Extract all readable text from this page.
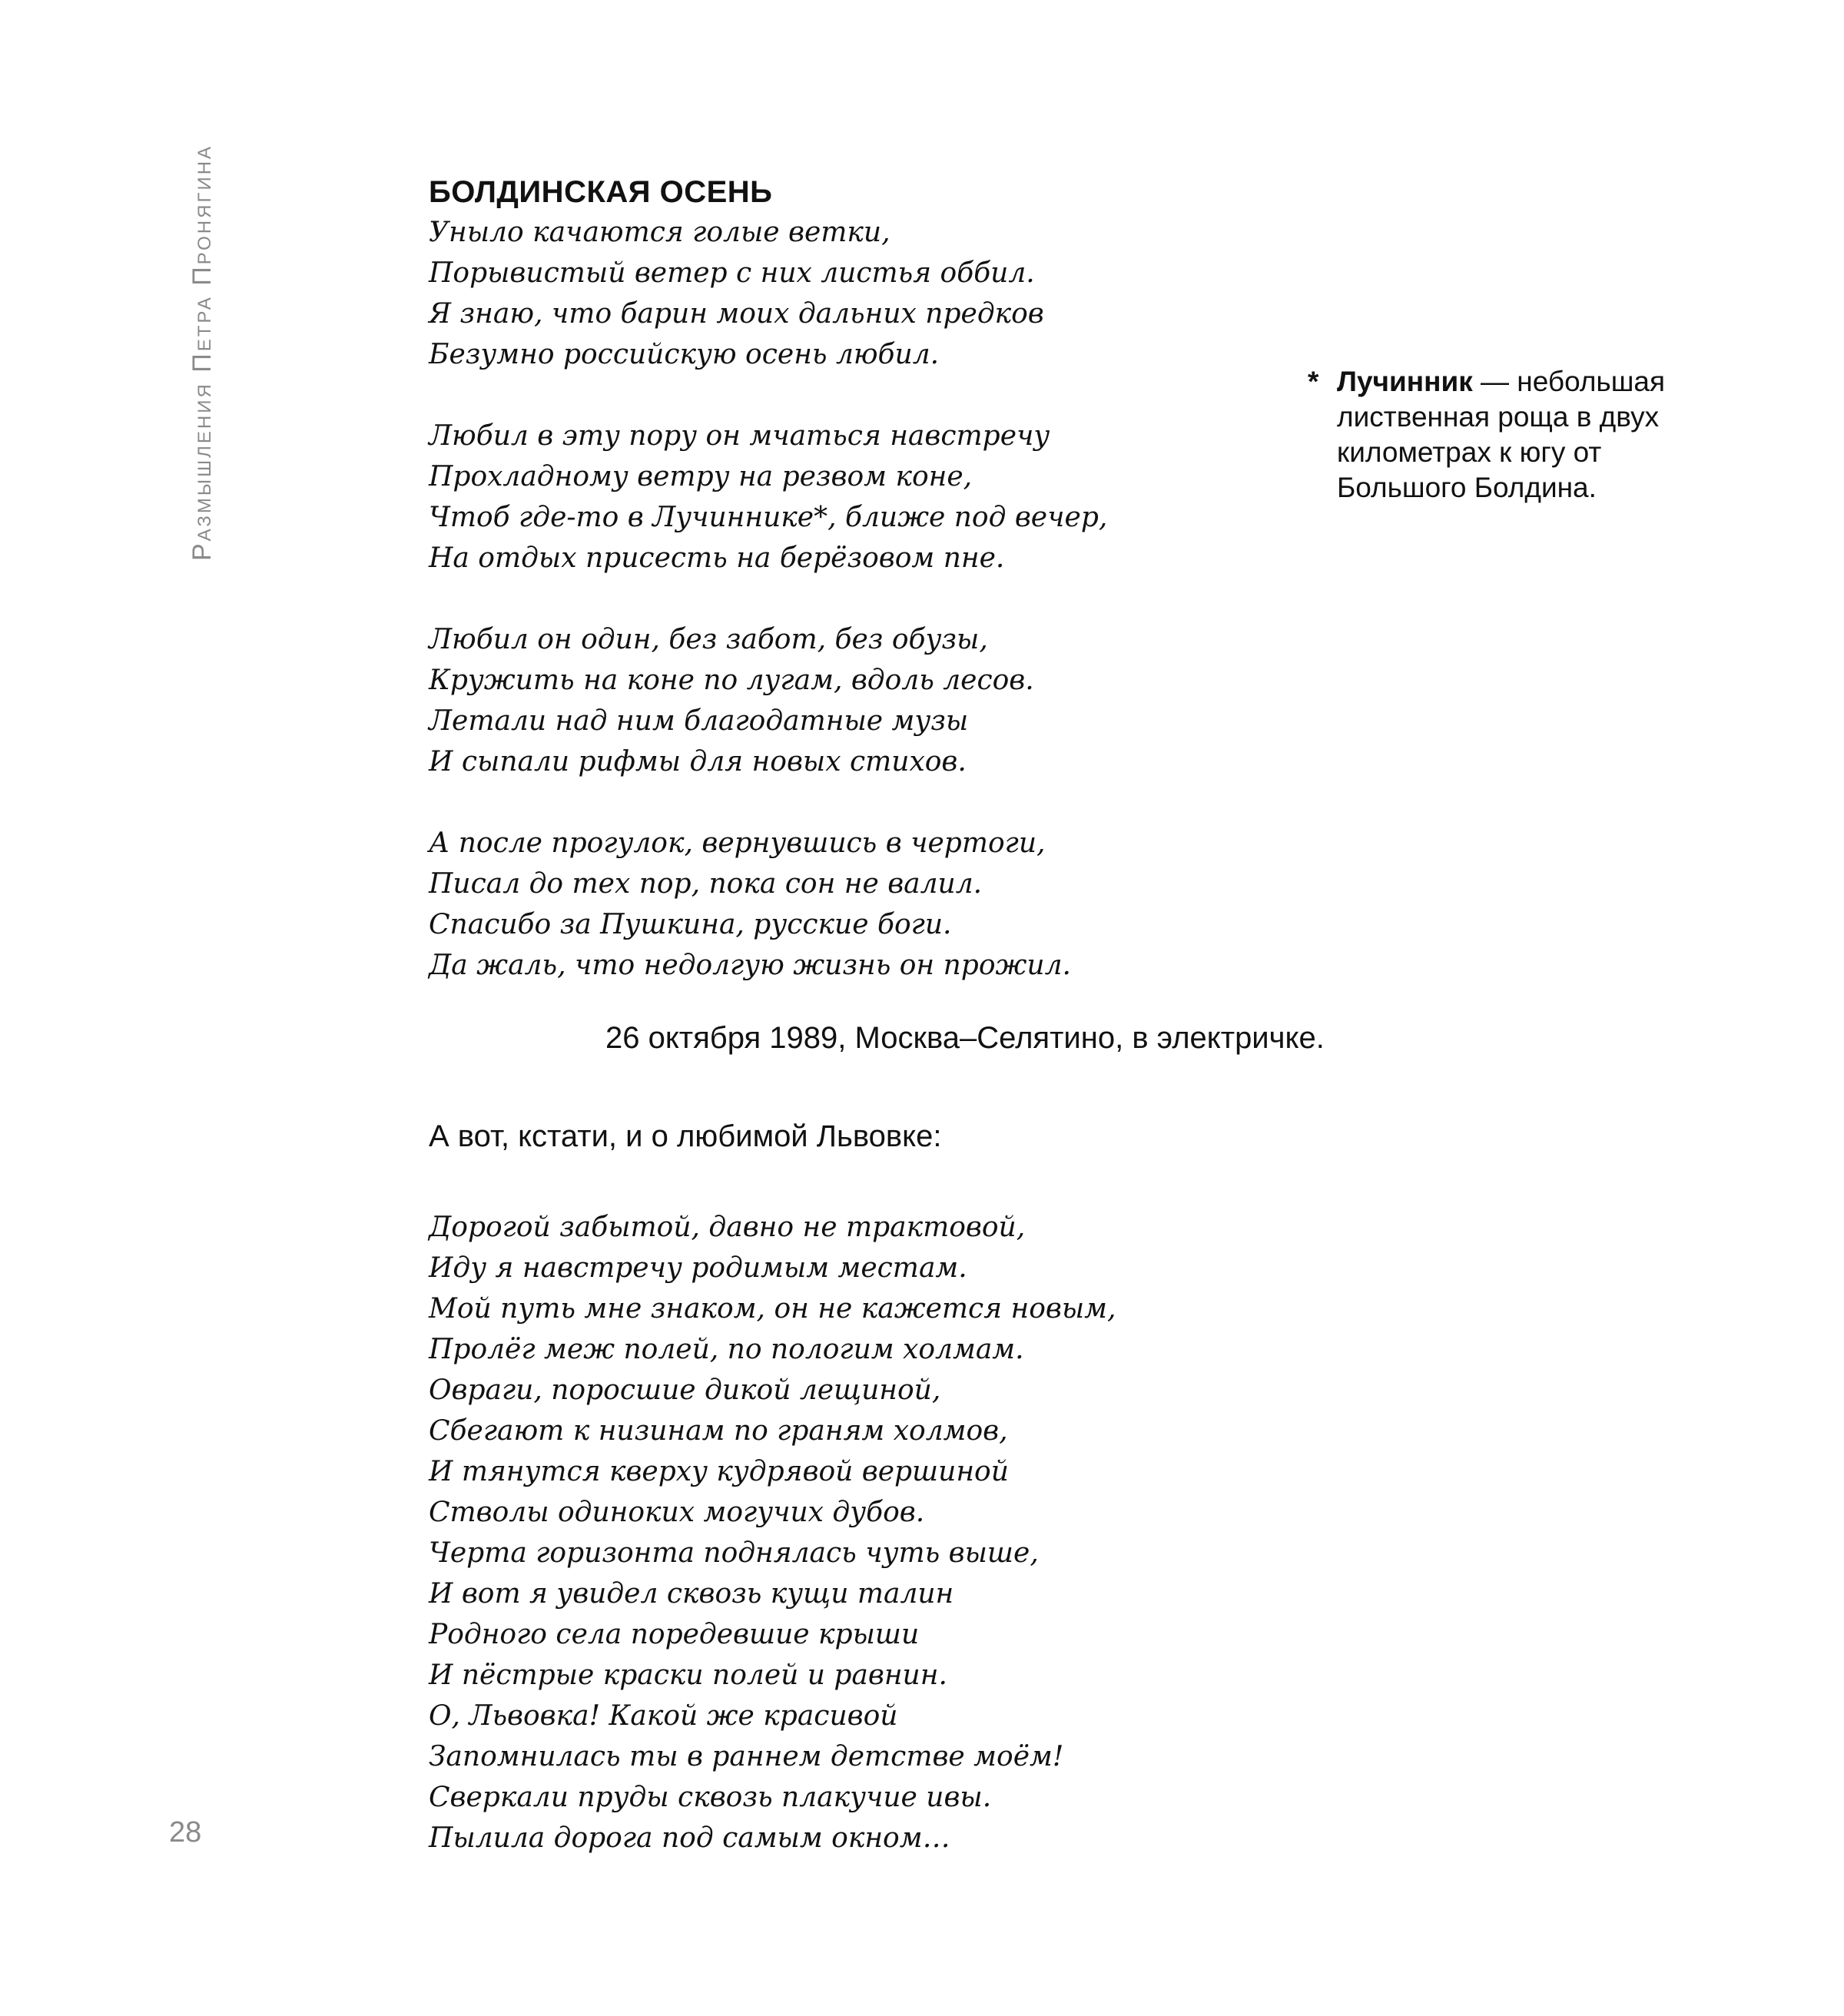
Размышления Петра Пронягина
28
* Лучинник — небольшая лиственная роща в двух километрах к югу от Большого Болдина.
БОЛДИНСКАЯ ОСЕНЬ
Уныло качаются голые ветки,
Порывистый ветер с них листья оббил.
Я знаю, что барин моих дальних предков
Безумно российскую осень любил.
Любил в эту пору он мчаться навстречу
Прохладному ветру на резвом коне,
Чтоб где-то в Лучиннике*, ближе под вечер,
На отдых присесть на берёзовом пне.
Любил он один, без забот, без обузы,
Кружить на коне по лугам, вдоль лесов.
Летали над ним благодатные музы
И сыпали рифмы для новых стихов.
А после прогулок, вернувшись в чертоги,
Писал до тех пор, пока сон не валил.
Спасибо за Пушкина, русские боги.
Да жаль, что недолгую жизнь он прожил.
26 октября 1989, Москва–Селятино, в электричке.
А вот, кстати, и о любимой Львовке:
Дорогой забытой, давно не трактовой,
Иду я навстречу родимым местам.
Мой путь мне знаком, он не кажется новым,
Пролёг меж полей, по пологим холмам.
Овраги, поросшие дикой лещиной,
Сбегают к низинам по граням холмов,
И тянутся кверху кудрявой вершиной
Стволы одиноких могучих дубов.
Черта горизонта поднялась чуть выше,
И вот я увидел сквозь кущи талин
Родного села поредевшие крыши
И пёстрые краски полей и равнин.
О, Львовка! Какой же красивой
Запомнилась ты в раннем детстве моём!
Сверкали пруды сквозь плакучие ивы.
Пылила дорога под самым окном…
